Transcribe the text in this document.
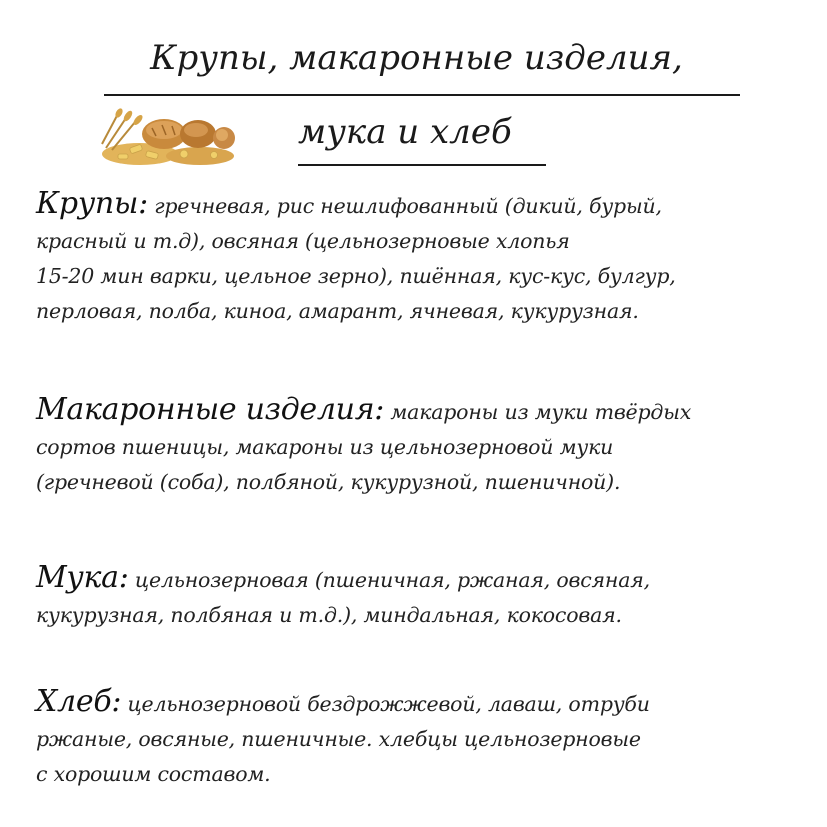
Крупы, макаронные изделия,
мука и хлеб
Крупы: гречневая, рис нешлифованный (дикий, бурый,
красный и т.д), овсяная (цельнозерновые хлопья
15-20 мин варки, цельное зерно), пшённая, кус-кус, булгур,
перловая, полба, киноа, амарант, ячневая, кукурузная.
Макаронные изделия: макароны из муки твёрдых
сортов пшеницы, макароны из цельнозерновой муки
(гречневой (соба), полбяной, кукурузной, пшеничной).
Мука: цельнозерновая (пшеничная, ржаная, овсяная,
кукурузная, полбяная и т.д.), миндальная, кокосовая.
Хлеб: цельнозерновой бездрожжевой, лаваш, отруби
ржаные, овсяные, пшеничные. хлебцы цельнозерновые
с хорошим составом.
